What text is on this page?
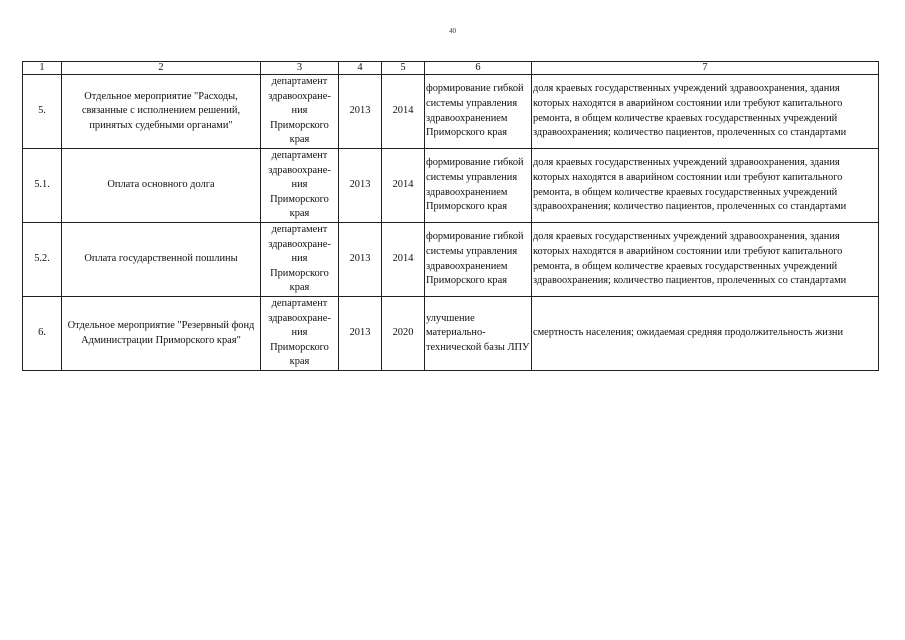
40
1	2	3	4	5	6	7
5.	Отдельное мероприятие "Расходы, связанные с исполнением решений, принятых судебными органами"	департамент здравоохране-ния Приморского края	2013	2014	формирование гибкой системы управления здравоохранением Приморского края	доля краевых государственных учреждений здравоохранения, здания которых находятся в аварийном состоянии или требуют капитального ремонта, в общем количестве краевых государственных учреждений здравоохранения; количество пациентов, пролеченных со стандартами
5.1.	Оплата основного долга	департамент здравоохране-ния Приморского края	2013	2014	формирование гибкой системы управления здравоохранением Приморского края	доля краевых государственных учреждений здравоохранения, здания которых находятся в аварийном состоянии или требуют капитального ремонта, в общем количестве краевых государственных учреждений здравоохранения; количество пациентов, пролеченных со стандартами
5.2.	Оплата государственной пошлины	департамент здравоохране-ния Приморского края	2013	2014	формирование гибкой системы управления здравоохранением Приморского края	доля краевых государственных учреждений здравоохранения, здания которых находятся в аварийном состоянии или требуют капитального ремонта, в общем количестве краевых государственных учреждений здравоохранения; количество пациентов, пролеченных со стандартами
6.	Отдельное мероприятие "Резервный фонд Администрации Приморского края"	департамент здравоохране-ния Приморского края	2013	2020	улучшение материально-технической базы ЛПУ	смертность населения; ожидаемая средняя продолжительность жизни
